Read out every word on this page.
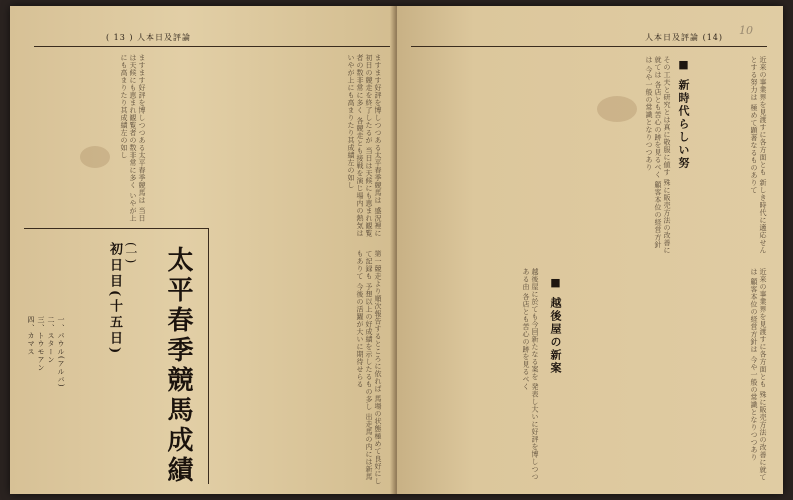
( 13 ) 人本日及評論
ますます好評を博しつつある太平春季競馬は 盛況裡に初日の競走を終了したるが 当日は天候にも恵まれ観覧者の数非常に多く 各競走とも接戦を演じ場内の熱気は いやが上にも高まりたり其成績左の如し
第一競走より順次報告するところに依れば 馬場の状態極めて良好にして記録も 予想以上の好成績を示したるもの多し 出走馬の内には新馬もありて 今後の活躍が大いに期待せらる
ますます好評を博しつつある太平春季競馬は 当日は天候にも恵まれ観覧者の数非常に多く いやが上にも高まりたり其成績左の如し
太平春季競馬成績
(一)
初日目(十五日)
一、パウル(アルバ)
二、スターン
三、トウモアン
四、カマス
人本日及評論 (14)
10
近来の事業界を見渡すに各方面とも 新しき時代に適応せんとする努力は 極めて顕著なるものありて
■ 新時代らしい努
その工夫と研究とは真に敬服に値す 殊に販売方法の改善に就ては 各店とも苦心の跡を見るべく 顧客本位の経営方針は 今や一般の常識となりつつあり
近来の事業界を見渡すに各方面とも 殊に販売方法の改善に就ては 顧客本位の経営方針は 今や一般の常識となりつつあり
■ 越後屋の新案
越後屋に於ても今回新たなる案を 発表し大いに好評を博しつつある由 各店とも苦心の跡を見るべく
